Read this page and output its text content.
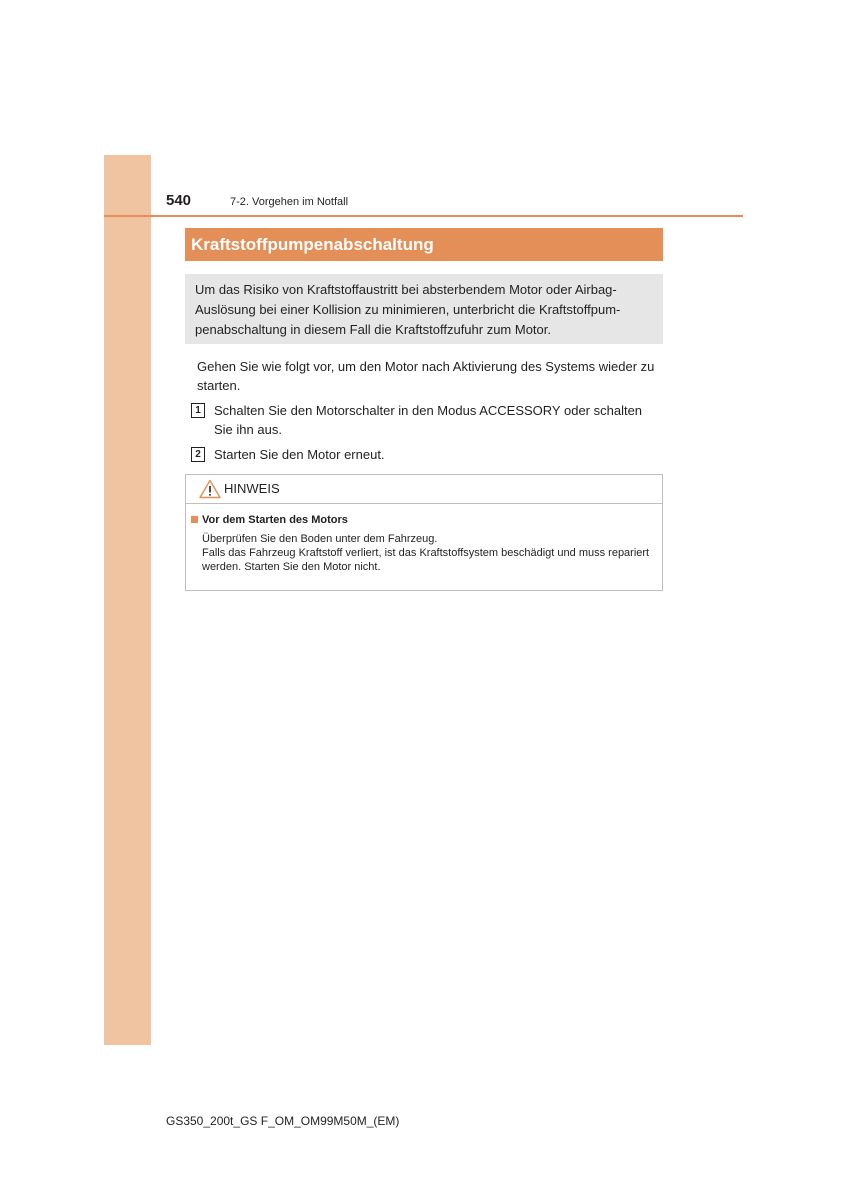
540	7-2. Vorgehen im Notfall
Kraftstoffpumpenabschaltung
Um das Risiko von Kraftstoffaustritt bei absterbendem Motor oder Airbag-
Auslösung bei einer Kollision zu minimieren, unterbricht die Kraftstoffpum-
penabschaltung in diesem Fall die Kraftstoffzufuhr zum Motor.
Gehen Sie wie folgt vor, um den Motor nach Aktivierung des Systems wieder zu
starten.
1	Schalten Sie den Motorschalter in den Modus ACCESSORY oder schalten
Sie ihn aus.
2	Starten Sie den Motor erneut.
HINWEIS
Vor dem Starten des Motors
Überprüfen Sie den Boden unter dem Fahrzeug.
Falls das Fahrzeug Kraftstoff verliert, ist das Kraftstoffsystem beschädigt und muss repariert
werden. Starten Sie den Motor nicht.
GS350_200t_GS F_OM_OM99M50M_(EM)
